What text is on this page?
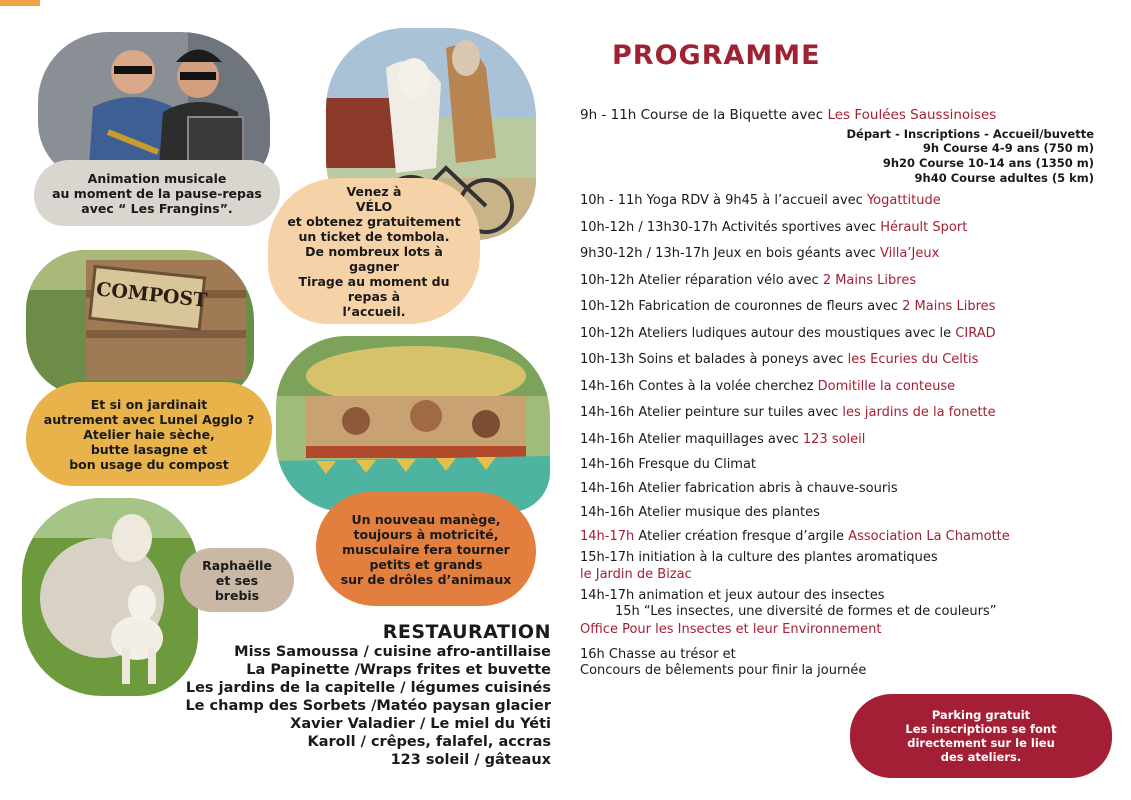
Animation musicale
au moment de la pause-repas
avec “ Les Frangins”.
Venez à
VÉLO
et obtenez gratuitement
un ticket de tombola.
De nombreux lots à gagner
Tirage au moment du repas à
l’accueil.
COMPOST
Et si on jardinait
autrement avec Lunel Agglo ?
Atelier haie sèche,
butte lasagne et
bon usage du compost
Un nouveau manège,
toujours à motricité,
musculaire fera tourner
petits et grands
sur de drôles d’animaux
Raphaëlle
et ses brebis
RESTAURATION
Miss Samoussa / cuisine afro-antillaise
La Papinette /Wraps frites et buvette
Les jardins de la capitelle / légumes cuisinés
Le champ des Sorbets /Matéo paysan glacier
Xavier Valadier / Le miel du Yéti
Karoll / crêpes, falafel, accras
123 soleil / gâteaux
PROGRAMME
9h - 11h Course de la Biquette avec Les Foulées Saussinoises
Départ - Inscriptions - Accueil/buvette
9h Course 4-9 ans (750 m)
9h20 Course 10-14 ans (1350 m)
9h40 Course adultes (5 km)
10h - 11h Yoga RDV à 9h45 à l’accueil avec Yogattitude
10h-12h / 13h30-17h Activités sportives avec Hérault Sport
9h30-12h / 13h-17h Jeux en bois géants avec Villa’Jeux
10h-12h Atelier réparation vélo avec 2 Mains Libres
10h-12h Fabrication de couronnes de fleurs avec 2 Mains Libres
10h-12h Ateliers ludiques autour des moustiques avec le CIRAD
10h-13h Soins et balades à poneys avec les Ecuries du Celtis
14h-16h Contes à la volée cherchez Domitille la conteuse
14h-16h Atelier peinture sur tuiles avec les jardins de la fonette
14h-16h Atelier maquillages avec 123 soleil
14h-16h Fresque du Climat
14h-16h Atelier fabrication abris à chauve-souris
14h-16h Atelier musique des plantes
14h-17h Atelier création fresque d’argile Association La Chamotte
15h-17h initiation à la culture des plantes aromatiques
le Jardin de Bizac
14h-17h animation et jeux autour des insectes
15h “Les insectes, une diversité de formes et de couleurs”
Office Pour les Insectes et leur Environnement
16h Chasse au trésor et
Concours de bêlements pour finir la journée
Parking gratuit
Les inscriptions se font
directement sur le lieu
des ateliers.
